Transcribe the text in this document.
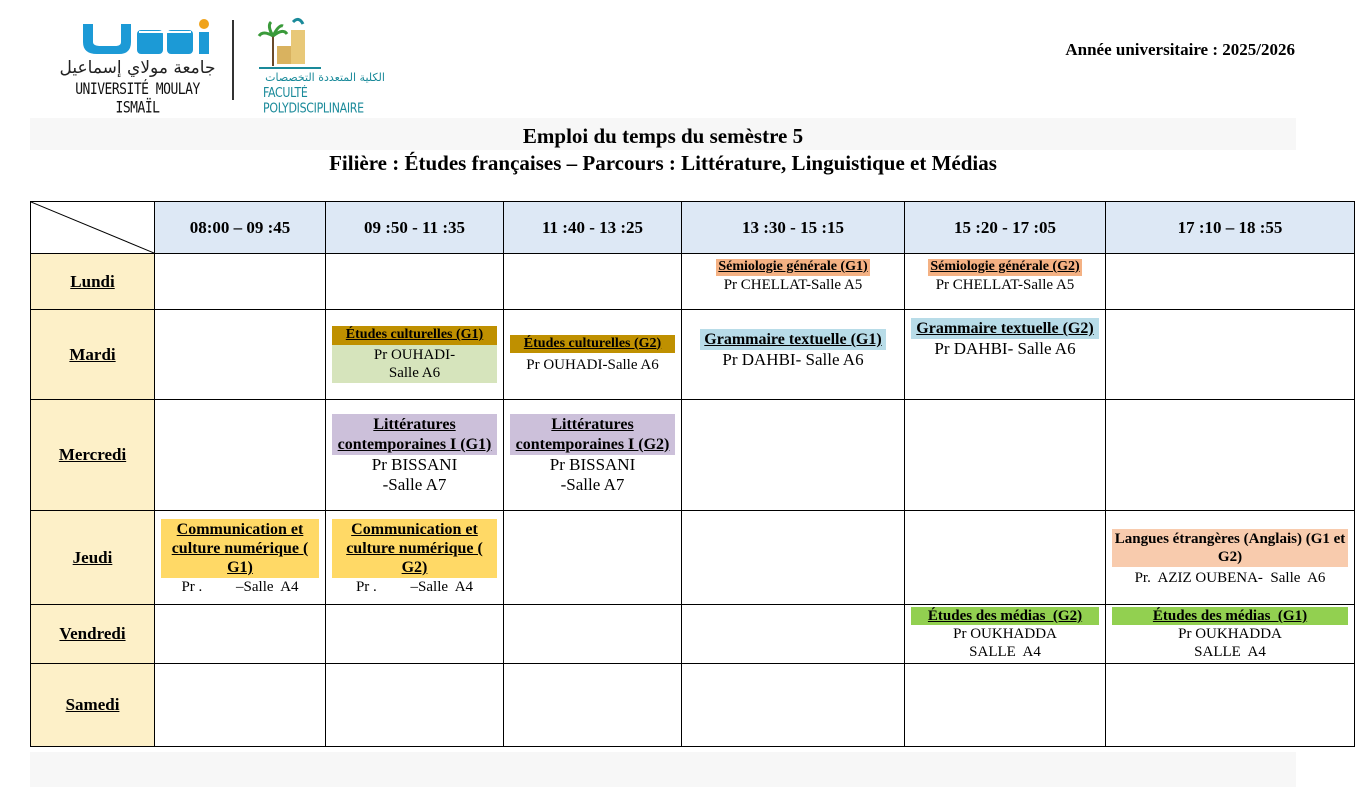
جامعة مولاي إسماعيل
UNIVERSITÉ MOULAY ISMAÏL
الكلية المتعددة التخصصات
FACULTÉ POLYDISCIPLINAIRE
Année universitaire : 2025/2026
Emploi du temps du semèstre 5
Filière : Études françaises – Parcours : Littérature, Linguistique et Médias
	08:00 – 09 :45	09 :50 - 11 :35	11 :40 - 13 :25	13 :30 - 15 :15	15 :20 - 17 :05	17 :10 – 18 :55
Lundi				Sémiologie générale (G1)
Pr CHELLAT-Salle A5	Sémiologie générale (G2)
Pr CHELLAT-Salle A5	

Mardi		Études culturelles (G1)
Pr OUHADI-
Salle A6	Études culturelles (G2)
Pr OUHADI-Salle A6	Grammaire textuelle (G1)
Pr DAHBI- Salle A6	Grammaire textuelle (G2)
Pr DAHBI- Salle A6	

Mercredi		Littératures contemporaines I (G1)
Pr BISSANI
-Salle A7	Littératures contemporaines I (G2)
Pr BISSANI
-Salle A7			

Jeudi	Communication et culture numérique ( G1)
Pr .         –Salle  A4	Communication et culture numérique ( G2)
Pr .         –Salle  A4				Langues étrangères (Anglais) (G1 et G2)
Pr.  AZIZ OUBENA-  Salle  A6

Vendredi					Études des médias  (G2)
Pr OUKHADDA
SALLE  A4	Études des médias  (G1)
Pr OUKHADDA
SALLE  A4

Samedi						
